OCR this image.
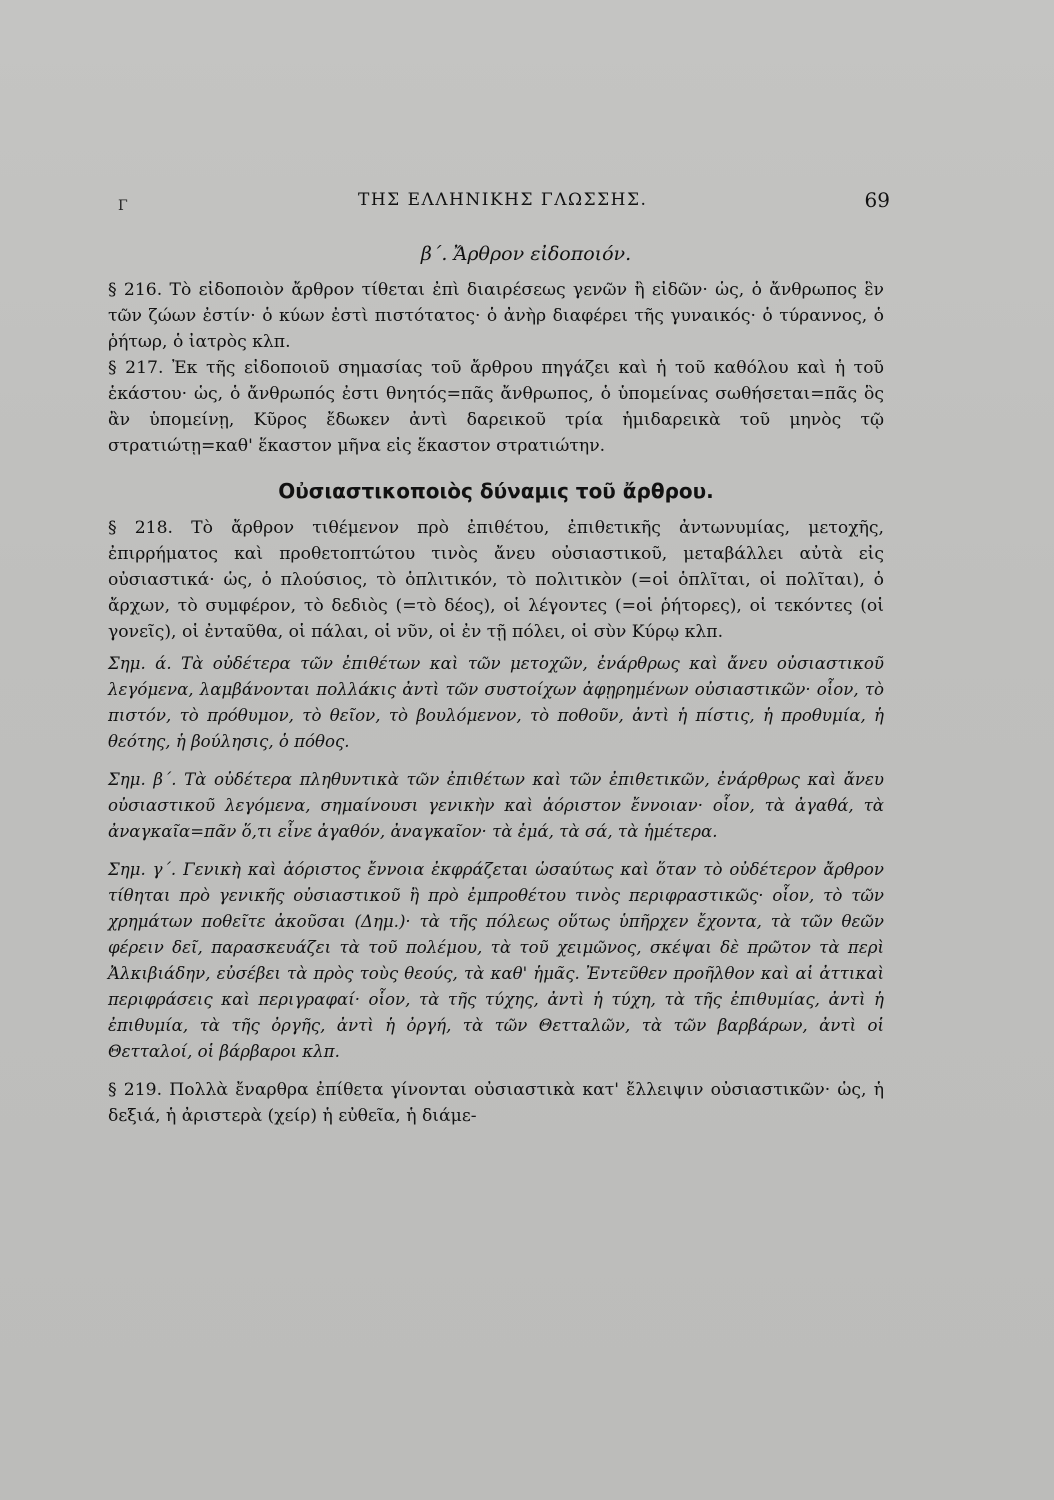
Γ	ΤΗΣ ΕΛΛΗΝΙΚΗΣ ΓΛΩΣΣΗΣ.	69
β΄. Ἄρθρον εἰδοποιόν.

§ 216. Τὸ εἰδοποιὸν ἄρθρον τίθεται ἐπὶ διαιρέσεως γενῶν ἢ εἰδῶν· ὡς, ὁ ἄνθρωπος ἓν τῶν ζώων ἐστίν· ὁ κύων ἐστὶ πιστότατος· ὁ ἀνὴρ διαφέρει τῆς γυναικός· ὁ τύραννος, ὁ ῥήτωρ, ὁ ἰατρὸς κλπ.

§ 217. Ἐκ τῆς εἰδοποιοῦ σημασίας τοῦ ἄρθρου πηγάζει καὶ ἡ τοῦ καθόλου καὶ ἡ τοῦ ἑκάστου· ὡς, ὁ ἄνθρωπός ἐστι θνητός=πᾶς ἄνθρωπος, ὁ ὑπομείνας σωθήσεται=πᾶς ὃς ἂν ὑπομείνῃ, Κῦρος ἔδωκεν ἀντὶ δαρεικοῦ τρία ἡμιδαρεικὰ τοῦ μηνὸς τῷ στρατιώτῃ=καθ' ἕκαστον μῆνα εἰς ἕκαστον στρατιώτην.

Οὐσιαστικοποιὸς δύναμις τοῦ ἄρθρου.

§ 218. Τὸ ἄρθρον τιθέμενον πρὸ ἐπιθέτου, ἐπιθετικῆς ἀντωνυμίας, μετοχῆς, ἐπιρρήματος καὶ προθετοπτώτου τινὸς ἄνευ οὐσιαστικοῦ, μεταβάλλει αὐτὰ εἰς οὐσιαστικά· ὡς, ὁ πλούσιος, τὸ ὁπλιτικόν, τὸ πολιτικὸν (=οἱ ὁπλῖται, οἱ πολῖται), ὁ ἄρχων, τὸ συμφέρον, τὸ δεδιὸς (=τὸ δέος), οἱ λέγοντες (=οἱ ῥήτορες), οἱ τεκόντες (οἱ γονεῖς), οἱ ἐνταῦθα, οἱ πάλαι, οἱ νῦν, οἱ ἐν τῇ πόλει, οἱ σὺν Κύρῳ κλπ.

Σημ. ά. Τὰ οὐδέτερα τῶν ἐπιθέτων καὶ τῶν μετοχῶν, ἐνάρθρως καὶ ἄνευ οὐσιαστικοῦ λεγόμενα, λαμβάνονται πολλάκις ἀντὶ τῶν συστοίχων ἀφῃρημένων οὐσιαστικῶν· οἷον, τὸ πιστόν, τὸ πρόθυμον, τὸ θεῖον, τὸ βουλόμενον, τὸ ποθοῦν, ἀντὶ ἡ πίστις, ἡ προθυμία, ἡ θεότης, ἡ βούλησις, ὁ πόθος.

Σημ. β΄. Τὰ οὐδέτερα πληθυντικὰ τῶν ἐπιθέτων καὶ τῶν ἐπιθετικῶν, ἐνάρθρως καὶ ἄνευ οὐσιαστικοῦ λεγόμενα, σημαίνουσι γενικὴν καὶ ἀόριστον ἔννοιαν· οἷον, τὰ ἀγαθά, τὰ ἀναγκαῖα=πᾶν ὅ,τι εἶνε ἀγαθόν, ἀναγκαῖον· τὰ ἐμά, τὰ σά, τὰ ἡμέτερα.

Σημ. γ΄. Γενικὴ καὶ ἀόριστος ἔννοια ἐκφράζεται ὡσαύτως καὶ ὅταν τὸ οὐδέτερον ἄρθρον τίθηται πρὸ γενικῆς οὐσιαστικοῦ ἢ πρὸ ἐμπροθέτου τινὸς περιφραστικῶς· οἷον, τὸ τῶν χρημάτων ποθεῖτε ἀκοῦσαι (Δημ.)· τὰ τῆς πόλεως οὕτως ὑπῆρχεν ἔχοντα, τὰ τῶν θεῶν φέρειν δεῖ, παρασκευάζει τὰ τοῦ πολέμου, τὰ τοῦ χειμῶνος, σκέψαι δὲ πρῶτον τὰ περὶ Ἀλκιβιάδην, εὐσέβει τὰ πρὸς τοὺς θεούς, τὰ καθ' ἡμᾶς. Ἐντεῦθεν προῆλθον καὶ αἱ ἀττικαὶ περιφράσεις καὶ περιγραφαί· οἷον, τὰ τῆς τύχης, ἀντὶ ἡ τύχη, τὰ τῆς ἐπιθυμίας, ἀντὶ ἡ ἐπιθυμία, τὰ τῆς ὀργῆς, ἀντὶ ἡ ὀργή, τὰ τῶν Θετταλῶν, τὰ τῶν βαρβάρων, ἀντὶ οἱ Θετταλοί, οἱ βάρβαροι κλπ.

§ 219. Πολλὰ ἔναρθρα ἐπίθετα γίνονται οὐσιαστικὰ κατ' ἔλλειψιν οὐσιαστικῶν· ὡς, ἡ δεξιά, ἡ ἀριστερὰ (χείρ) ἡ εὐθεῖα, ἡ διάμε-
